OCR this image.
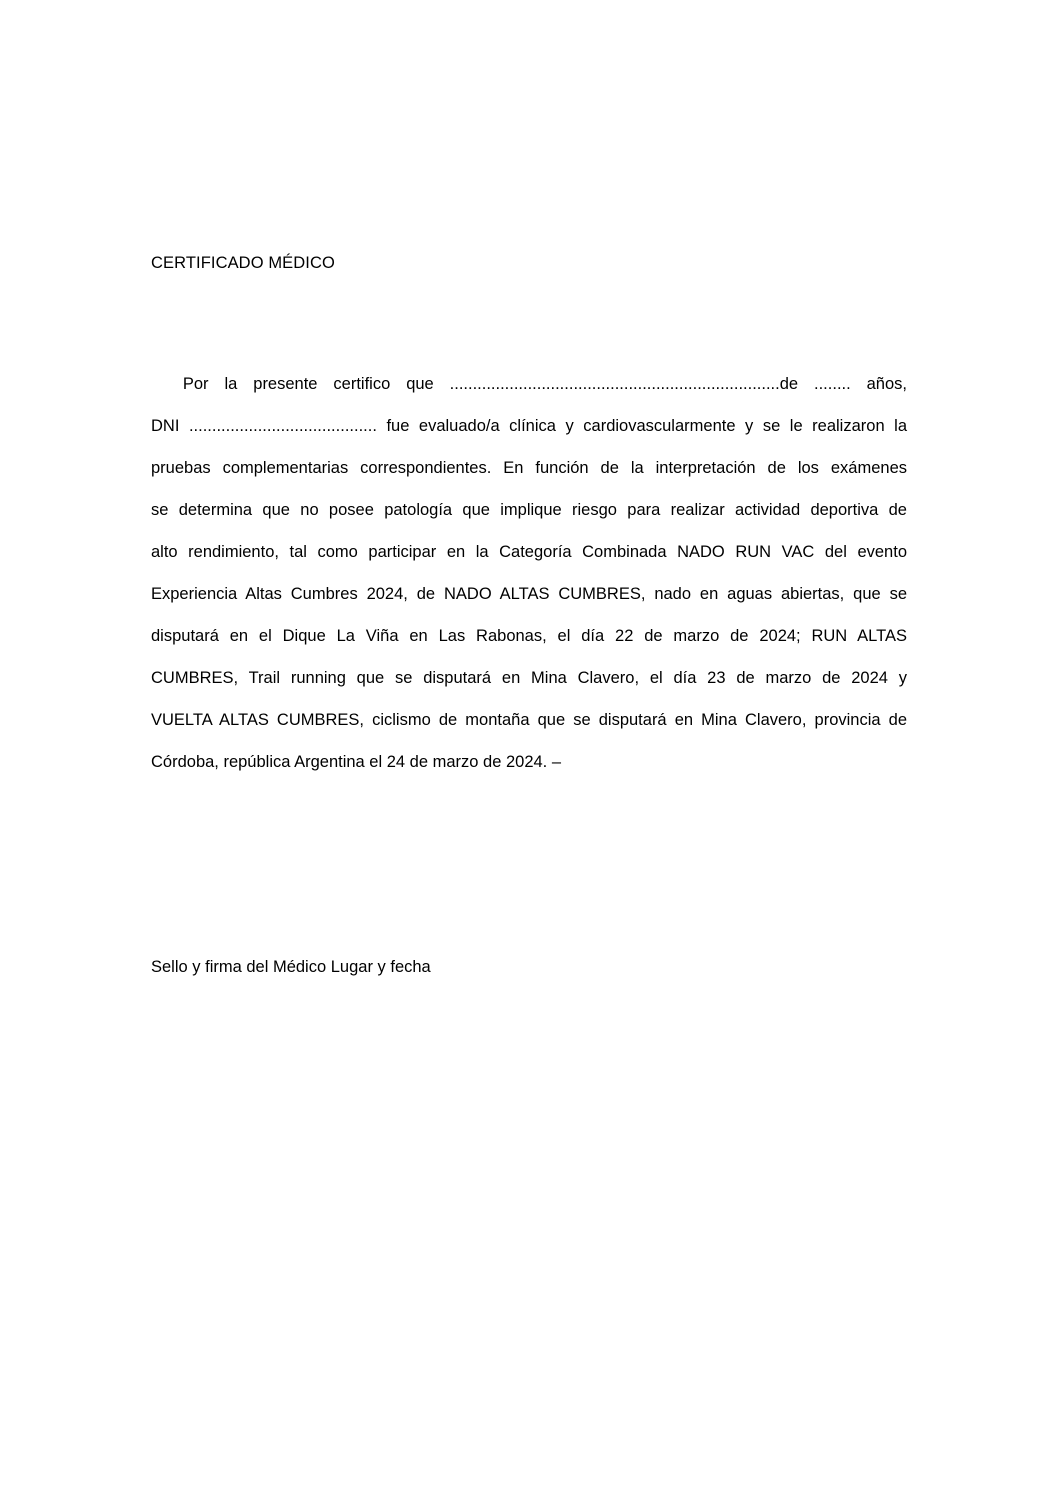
CERTIFICADO MÉDICO
Por la presente certifico que ........................................................................de ........ años,
DNI ......................................... fue evaluado/a clínica y cardiovascularmente y se le realizaron la
pruebas complementarias correspondientes. En función de la interpretación de los exámenes
se determina que no posee patología que implique riesgo para realizar actividad deportiva de
alto rendimiento, tal como participar en la Categoría Combinada NADO RUN VAC del evento
Experiencia Altas Cumbres 2024, de NADO ALTAS CUMBRES, nado en aguas abiertas, que se
disputará en el Dique La Viña en Las Rabonas, el día 22 de marzo de 2024; RUN ALTAS
CUMBRES, Trail running que se disputará en Mina Clavero, el día 23 de marzo de 2024 y
VUELTA ALTAS CUMBRES, ciclismo de montaña que se disputará en Mina Clavero, provincia de
Córdoba, república Argentina el 24 de marzo de 2024. –
Sello y firma del Médico Lugar y fecha
